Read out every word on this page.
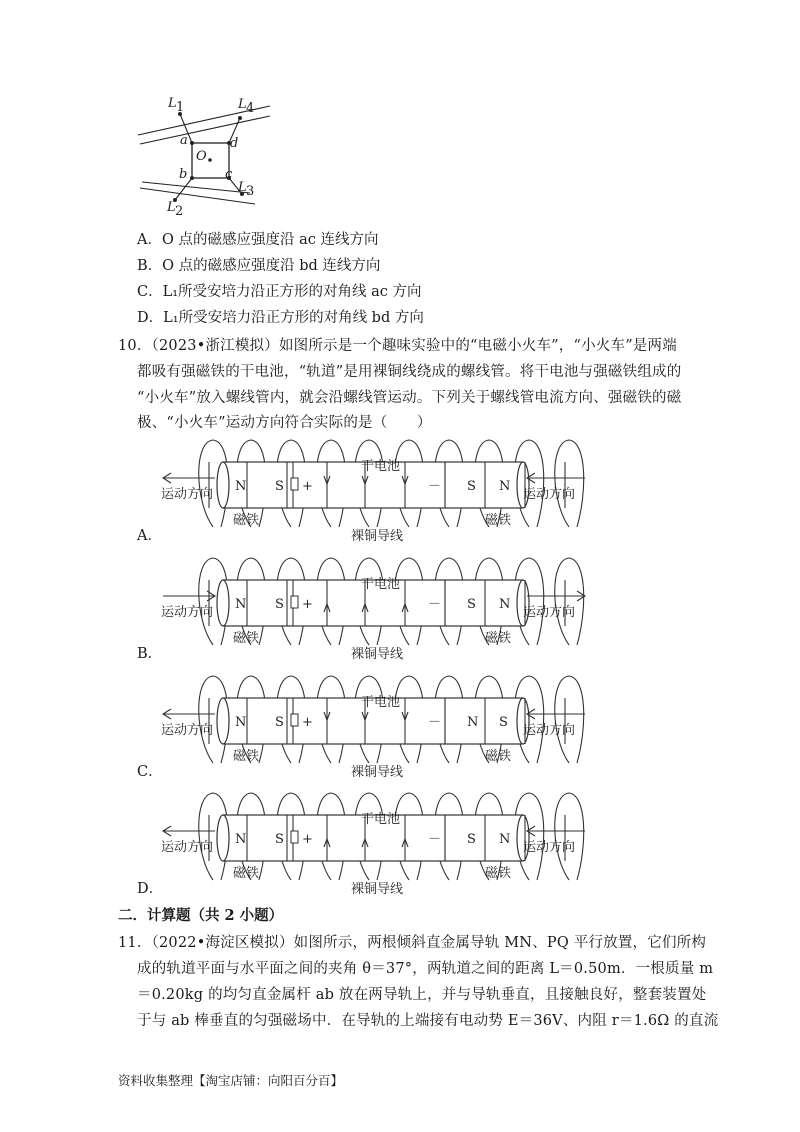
L 1	L 4
a	d
O
b	c
L 3
L 2
A．O 点的磁感应强度沿 ac 连线方向
B．O 点的磁感应强度沿 bd 连线方向
C．L₁所受安培力沿正方形的对角线 ac 方向
D．L₁所受安培力沿正方形的对角线 bd 方向
10．（2023•浙江模拟）如图所示是一个趣味实验中的“电磁小火车”，“小火车”是两端
都吸有强磁铁的干电池，“轨道”是用裸铜线绕成的螺线管。将干电池与强磁铁组成的
“小火车”放入螺线管内，就会沿螺线管运动。下列关于螺线管电流方向、强磁铁的磁
极、“小火车”运动方向符合实际的是（　　）
A．
N S +
干电池
－ S N
运动方向	运动方向
磁铁	磁铁
裸铜导线
B．
N S +
干电池
－ S N
运动方向	运动方向
磁铁	磁铁
裸铜导线
C．
N S +
干电池
－ N S
运动方向	运动方向
磁铁	磁铁
裸铜导线
D．
N S +
干电池
－ S N
运动方向	运动方向
磁铁	磁铁
裸铜导线
二．计算题（共 2 小题）
11．（2022•海淀区模拟）如图所示，两根倾斜直金属导轨 MN、PQ 平行放置，它们所构
成的轨道平面与水平面之间的夹角 θ＝37°，两轨道之间的距离 L＝0.50m．一根质量 m
＝0.20kg 的均匀直金属杆 ab 放在两导轨上，并与导轨垂直，且接触良好，整套装置处
于与 ab 棒垂直的匀强磁场中．在导轨的上端接有电动势 E＝36V、内阻 r＝1.6Ω 的直流
资料收集整理【淘宝店铺：向阳百分百】
